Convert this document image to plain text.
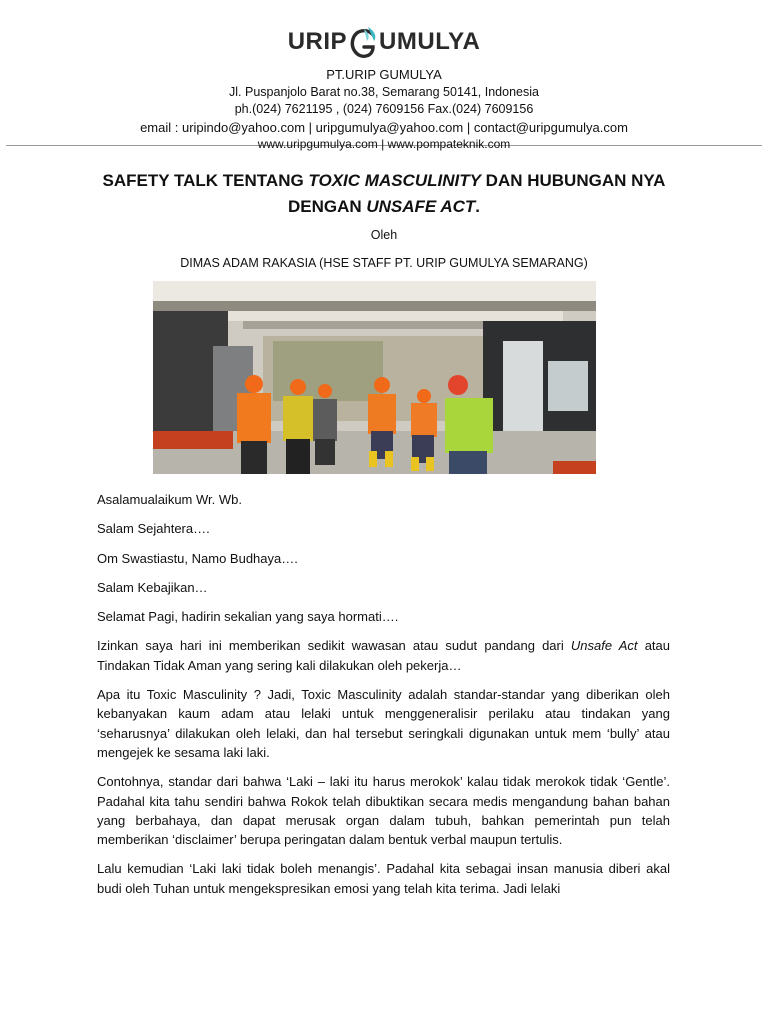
URIP UMULYA
PT.URIP GUMULYA
Jl. Puspanjolo Barat no.38, Semarang 50141, Indonesia
ph.(024) 7621195 , (024) 7609156 Fax.(024) 7609156
email : uripindo@yahoo.com | uripgumulya@yahoo.com | contact@uripgumulya.com
www.uripgumulya.com | www.pompateknik.com
SAFETY TALK TENTANG TOXIC MASCULINITY DAN HUBUNGAN NYA DENGAN UNSAFE ACT.
Oleh
DIMAS ADAM RAKASIA (HSE STAFF PT. URIP GUMULYA SEMARANG)

Asalamualaikum Wr. Wb.

Salam Sejahtera….

Om Swastiastu, Namo Budhaya….

Salam Kebajikan…

Selamat Pagi, hadirin sekalian yang saya hormati….

Izinkan saya hari ini memberikan sedikit wawasan atau sudut pandang dari Unsafe Act atau Tindakan Tidak Aman yang sering kali dilakukan oleh pekerja…

Apa itu Toxic Masculinity ? Jadi, Toxic Masculinity adalah standar-standar yang diberikan oleh kebanyakan kaum adam atau lelaki untuk menggeneralisir perilaku atau tindakan yang ‘seharusnya’ dilakukan oleh lelaki, dan hal tersebut seringkali digunakan untuk mem ‘bully’ atau mengejek ke sesama laki laki.

Contohnya, standar dari bahwa ‘Laki – laki itu harus merokok’ kalau tidak merokok tidak ‘Gentle’. Padahal kita tahu sendiri bahwa Rokok telah dibuktikan secara medis mengandung bahan bahan yang berbahaya, dan dapat merusak organ dalam tubuh, bahkan pemerintah pun telah memberikan ‘disclaimer’ berupa peringatan dalam bentuk verbal maupun tertulis.

Lalu kemudian ‘Laki laki tidak boleh menangis’. Padahal kita sebagai insan manusia diberi akal budi oleh Tuhan untuk mengekspresikan emosi yang telah kita terima. Jadi lelaki
